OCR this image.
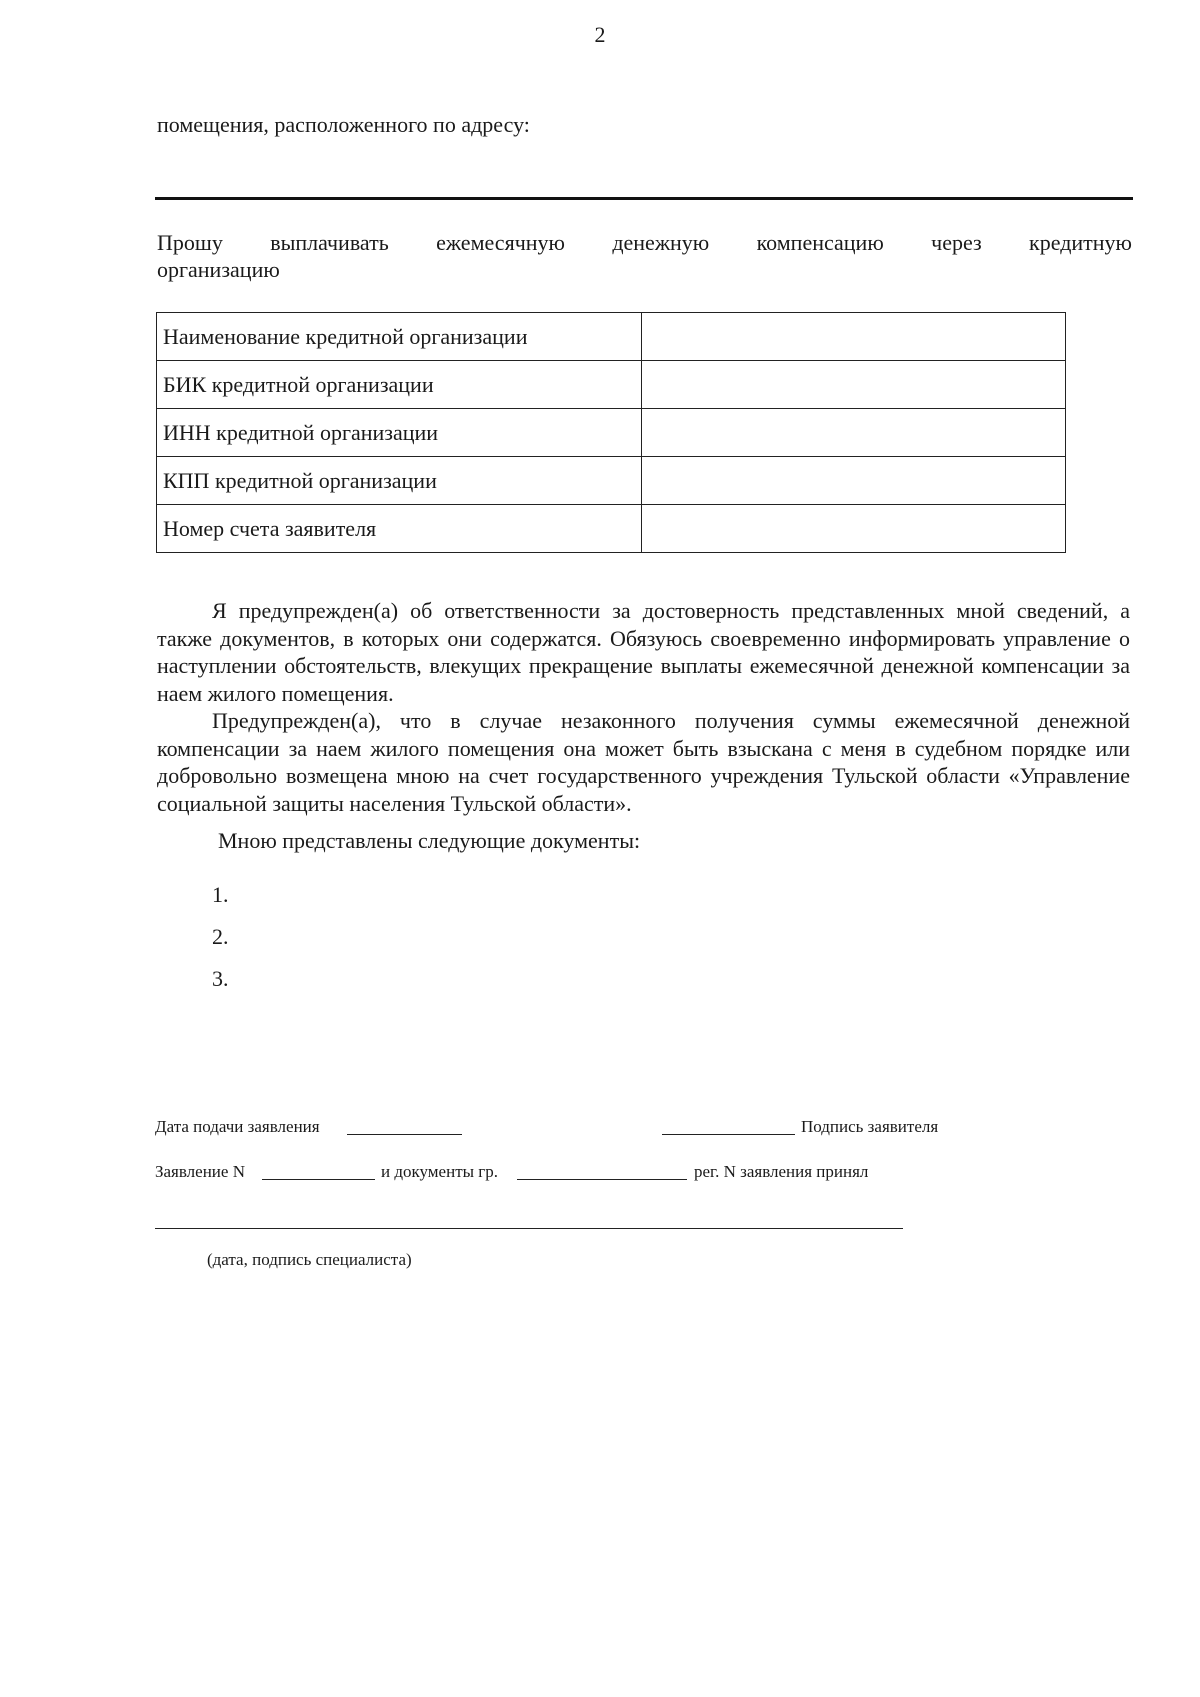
2
помещения, расположенного по адресу:
Прошу выплачивать ежемесячную денежную компенсацию через кредитную
организацию
Наименование кредитной организации	
БИК кредитной организации	
ИНН кредитной организации	
КПП кредитной организации	
Номер счета заявителя	

Я предупрежден(а) об ответственности за достоверность представленных мной сведений, а также документов, в которых они содержатся. Обязуюсь своевременно информировать управление о наступлении обстоятельств, влекущих прекращение выплаты ежемесячной денежной компенсации за наем жилого помещения.

Предупрежден(а), что в случае незаконного получения суммы ежемесячной денежной компенсации за наем жилого помещения она может быть взыскана с меня в судебном порядке или добровольно возмещена мною на счет государственного учреждения Тульской области «Управление социальной защиты населения Тульской области».

Мною представлены следующие документы:
1.
2.
3.
Дата подачи заявления	Подпись заявителя
Заявление N	и документы гр.	рег. N заявления принял
(дата, подпись специалиста)
